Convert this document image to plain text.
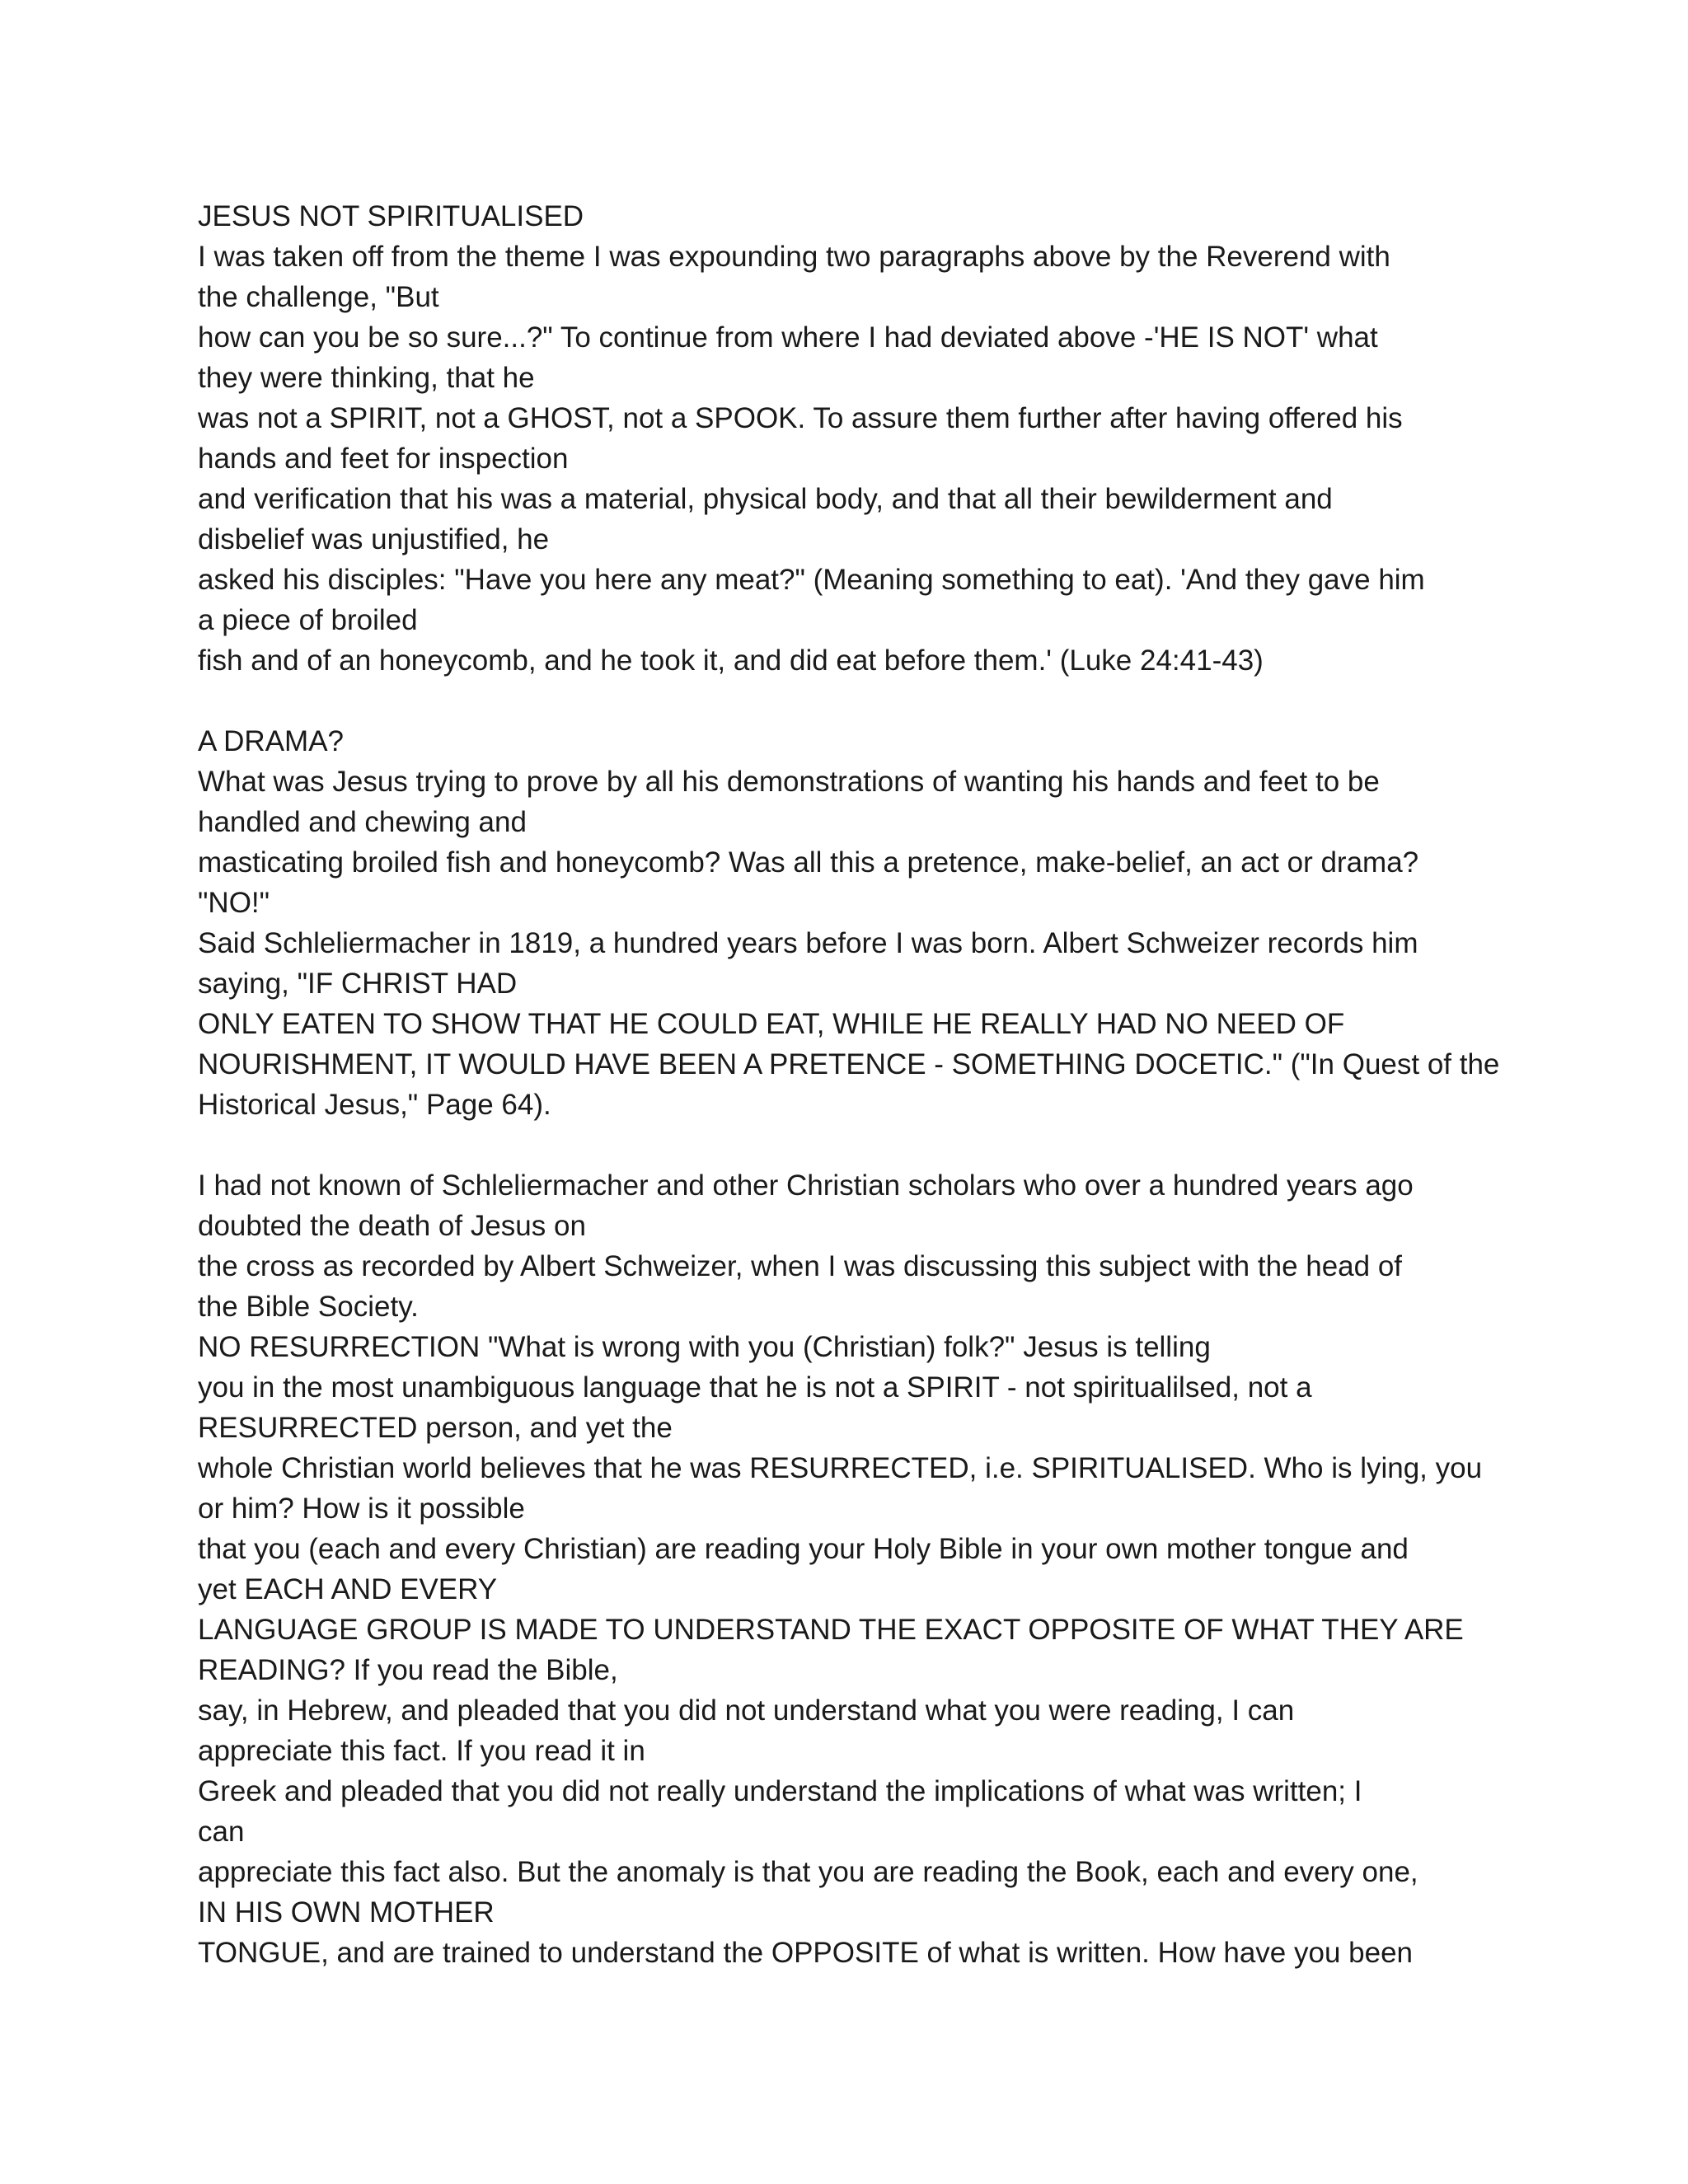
JESUS NOT SPIRITUALISED
I was taken off from the theme I was expounding two paragraphs above by the Reverend with
the challenge, "But
how can you be so sure...?" To continue from where I had deviated above -'HE IS NOT' what
they were thinking, that he
was not a SPIRIT, not a GHOST, not a SPOOK. To assure them further after having offered his
hands and feet for inspection
and verification that his was a material, physical body, and that all their bewilderment and
disbelief was unjustified, he
asked his disciples: "Have you here any meat?" (Meaning something to eat). 'And they gave him
a piece of broiled
fish and of an honeycomb, and he took it, and did eat before them.' (Luke 24:41-43)
A DRAMA?
What was Jesus trying to prove by all his demonstrations of wanting his hands and feet to be
handled and chewing and
masticating broiled fish and honeycomb? Was all this a pretence, make-belief, an act or drama?
"NO!"
Said Schleliermacher in 1819, a hundred years before I was born. Albert Schweizer records him
saying, "IF CHRIST HAD
ONLY EATEN TO SHOW THAT HE COULD EAT, WHILE HE REALLY HAD NO NEED OF
NOURISHMENT, IT WOULD HAVE BEEN A PRETENCE - SOMETHING DOCETIC." ("In Quest of the
Historical Jesus," Page 64).
I had not known of Schleliermacher and other Christian scholars who over a hundred years ago
doubted the death of Jesus on
the cross as recorded by Albert Schweizer, when I was discussing this subject with the head of
the Bible Society.
NO RESURRECTION "What is wrong with you (Christian) folk?" Jesus is telling
you in the most unambiguous language that he is not a SPIRIT - not spiritualilsed, not a
RESURRECTED person, and yet the
whole Christian world believes that he was RESURRECTED, i.e. SPIRITUALISED. Who is lying, you
or him? How is it possible
that you (each and every Christian) are reading your Holy Bible in your own mother tongue and
yet EACH AND EVERY
LANGUAGE GROUP IS MADE TO UNDERSTAND THE EXACT OPPOSITE OF WHAT THEY ARE
READING? If you read the Bible,
say, in Hebrew, and pleaded that you did not understand what you were reading, I can
appreciate this fact. If you read it in
Greek and pleaded that you did not really understand the implications of what was written; I
can
appreciate this fact also. But the anomaly is that you are reading the Book, each and every one,
IN HIS OWN MOTHER
TONGUE, and are trained to understand the OPPOSITE of what is written. How have you been
